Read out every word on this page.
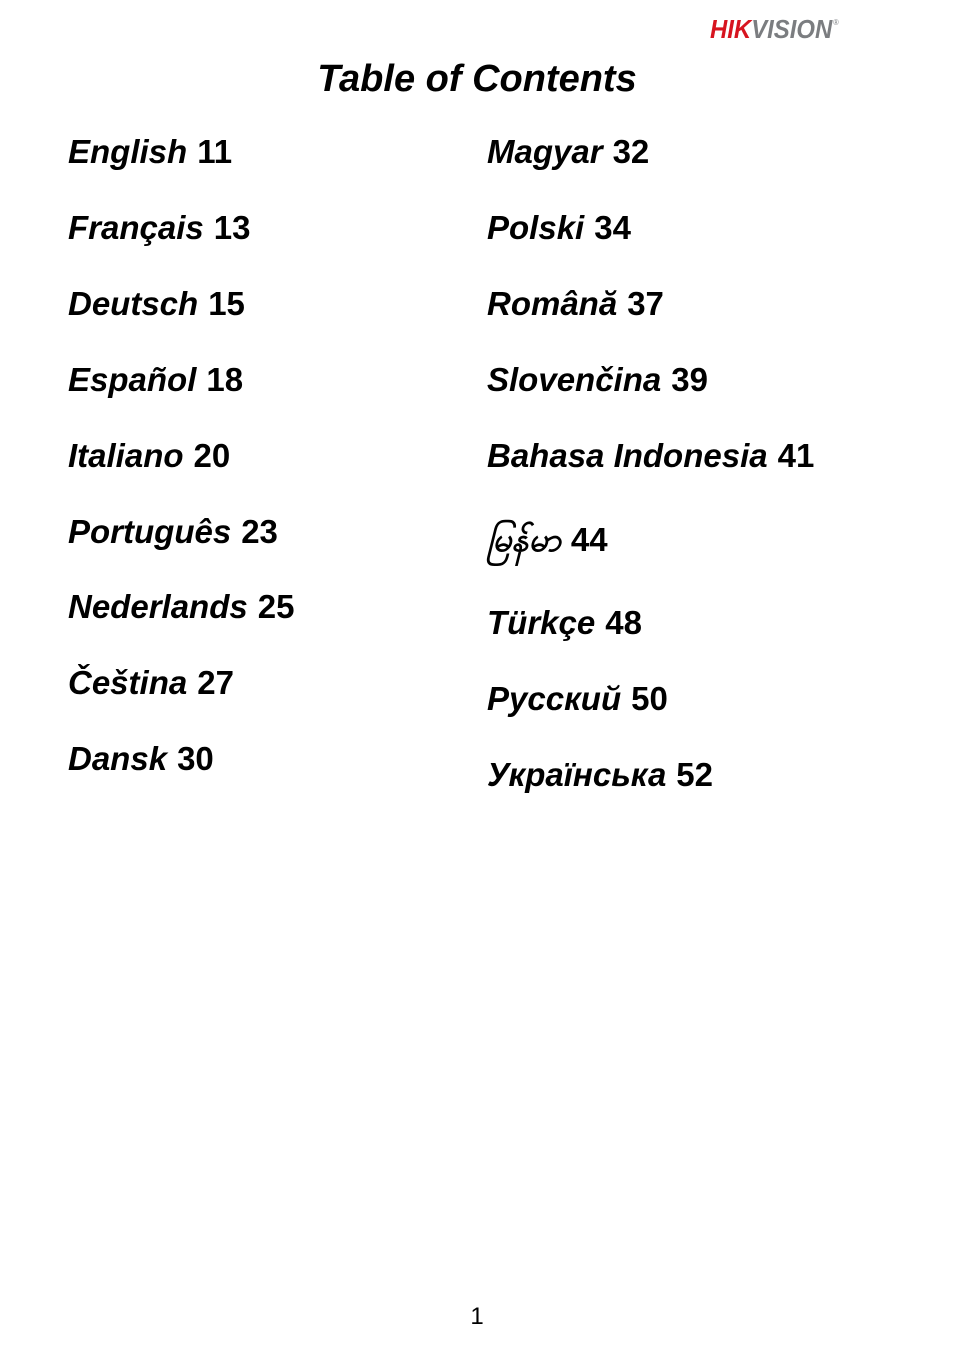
HIKVISION®
Table of Contents
English 11
Français 13
Deutsch 15
Español 18
Italiano 20
Português 23
Nederlands 25
Čeština 27
Dansk 30
Magyar 32
Polski 34
Română 37
Slovenčina 39
Bahasa Indonesia 41
မြန်မာ 44
Türkçe 48
Русский 50
Українська 52
1
